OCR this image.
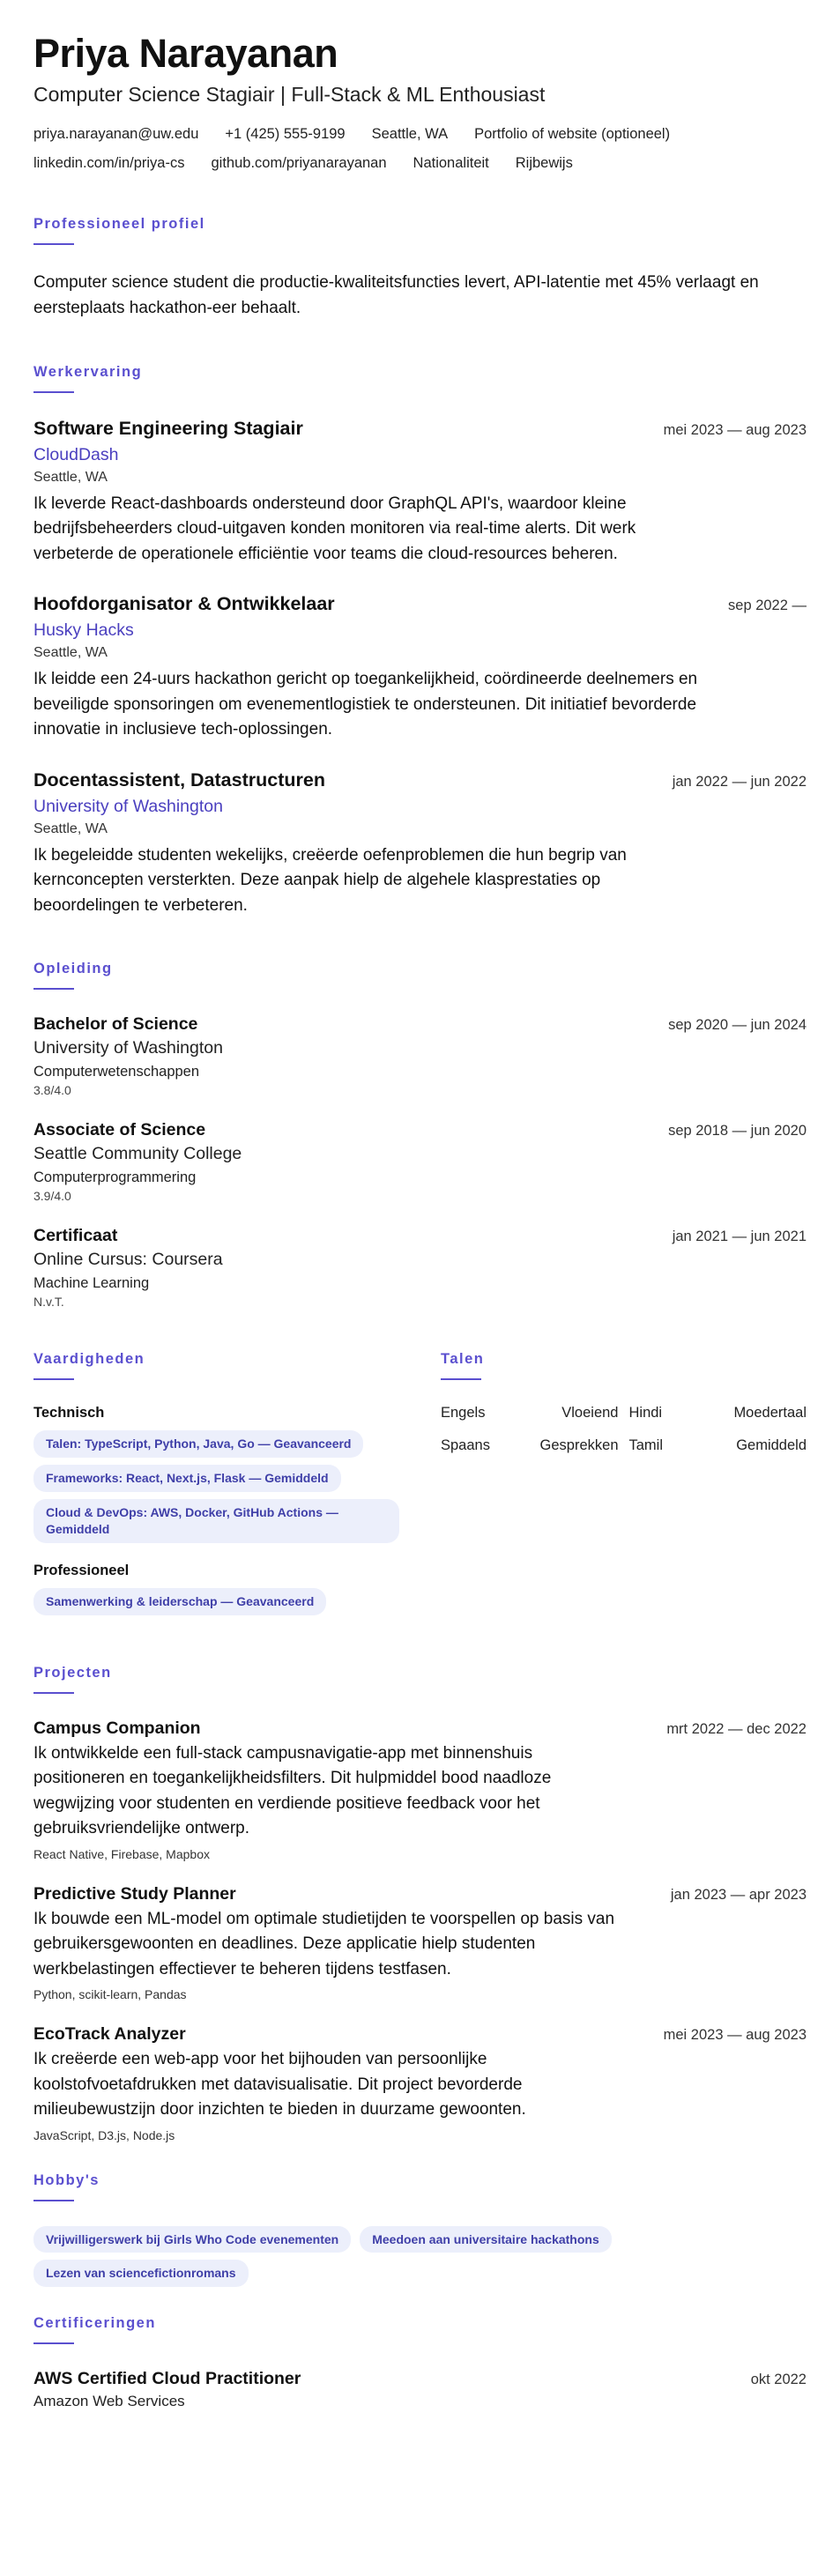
Priya Narayanan
Computer Science Stagiair | Full-Stack & ML Enthousiast
priya.narayanan@uw.edu +1 (425) 555-9199 Seattle, WA Portfolio of website (optioneel)
linkedin.com/in/priya-cs github.com/priyanarayanan Nationaliteit Rijbewijs
Professioneel profiel

Computer science student die productie-kwaliteitsfuncties levert, API-latentie met 45% verlaagt en eersteplaats hackathon-eer behaalt.

Werkervaring
Software Engineering Stagiair	mei 2023 — aug 2023
CloudDash
Seattle, WA

Ik leverde React-dashboards ondersteund door GraphQL API's, waardoor kleine bedrijfsbeheerders cloud-uitgaven konden monitoren via real-time alerts. Dit werk verbeterde de operationele efficiëntie voor teams die cloud-resources beheren.

Hoofdorganisator & Ontwikkelaar	sep 2022 —
Husky Hacks
Seattle, WA

Ik leidde een 24-uurs hackathon gericht op toegankelijkheid, coördineerde deelnemers en beveiligde sponsoringen om evenementlogistiek te ondersteunen. Dit initiatief bevorderde innovatie in inclusieve tech-oplossingen.

Docentassistent, Datastructuren	jan 2022 — jun 2022
University of Washington
Seattle, WA

Ik begeleidde studenten wekelijks, creëerde oefenproblemen die hun begrip van kernconcepten versterkten. Deze aanpak hielp de algehele klasprestaties op beoordelingen te verbeteren.

Opleiding
Bachelor of Science	sep 2020 — jun 2024
University of Washington
Computerwetenschappen
3.8/4.0
Associate of Science	sep 2018 — jun 2020
Seattle Community College
Computerprogrammering
3.9/4.0
Certificaat	jan 2021 — jun 2021
Online Cursus: Coursera
Machine Learning
N.v.T.
Vaardigheden
Technisch
Talen: TypeScript, Python, Java, Go — Geavanceerd
Frameworks: React, Next.js, Flask — Gemiddeld
Cloud & DevOps: AWS, Docker, GitHub Actions — Gemiddeld
Professioneel
Samenwerking & leiderschap — Geavanceerd
Talen
Engels	Vloeiend Hindi	Moedertaal
Spaans	Gesprekken Tamil	Gemiddeld
Projecten
Campus Companion	mrt 2022 — dec 2022

Ik ontwikkelde een full-stack campusnavigatie-app met binnenshuis positioneren en toegankelijkheidsfilters. Dit hulpmiddel bood naadloze wegwijzing voor studenten en verdiende positieve feedback voor het gebruiksvriendelijke ontwerp.

React Native, Firebase, Mapbox
Predictive Study Planner	jan 2023 — apr 2023

Ik bouwde een ML-model om optimale studietijden te voorspellen op basis van gebruikersgewoonten en deadlines. Deze applicatie hielp studenten werkbelastingen effectiever te beheren tijdens testfasen.

Python, scikit-learn, Pandas
EcoTrack Analyzer	mei 2023 — aug 2023

Ik creëerde een web-app voor het bijhouden van persoonlijke koolstofvoetafdrukken met datavisualisatie. Dit project bevorderde milieubewustzijn door inzichten te bieden in duurzame gewoonten.

JavaScript, D3.js, Node.js
Hobby's
Vrijwilligerswerk bij Girls Who Code evenementen	Meedoen aan universitaire hackathons
Lezen van sciencefictionromans
Certificeringen
AWS Certified Cloud Practitioner	okt 2022
Amazon Web Services
